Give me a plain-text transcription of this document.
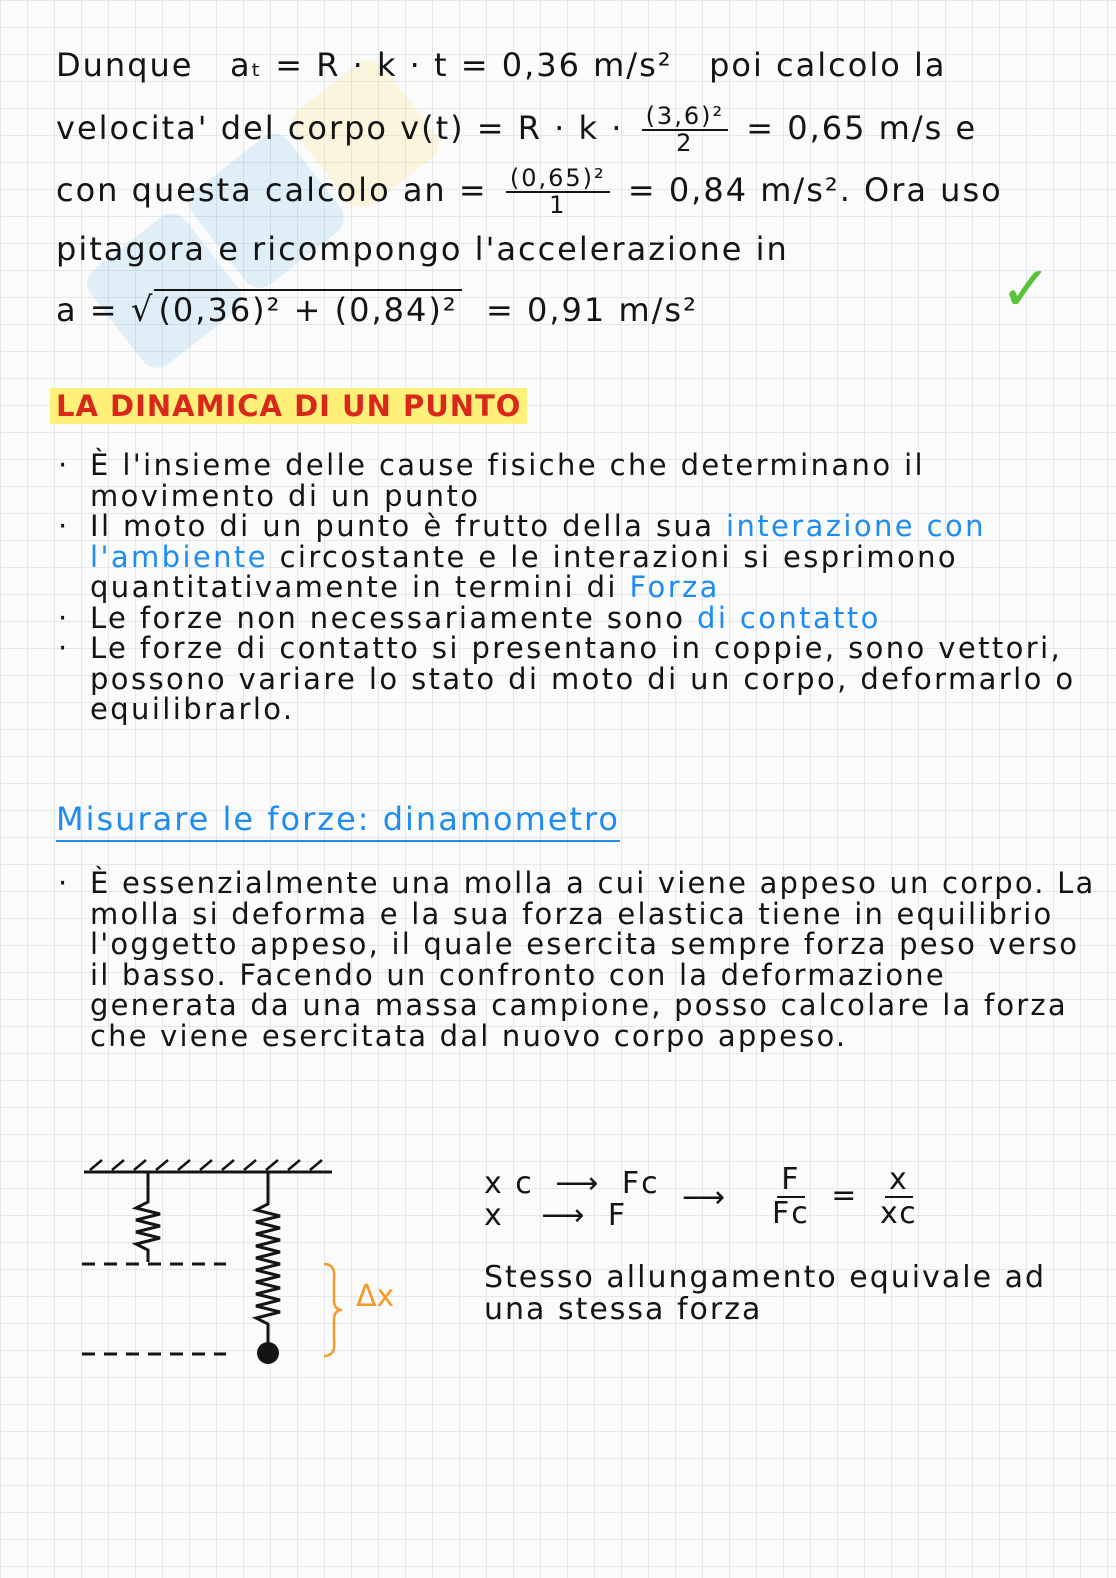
Dunque aₜ = R · k · t = 0,36 m/s² poi calcolo la
velocita' del corpo $v(t) = R \cdot k \cdot \frac{\text{(3,6)²}}{2} = 0,65$ m/s e
con questa calcolo an = $\frac{\text{(0,65)²}}{1} = 0,84$ m/s². Ora uso
pitagora e ricompongo l'accelerazione in
a = √ (0,36)² + (0,84)² = 0,91 m/s²	✓
LA DINAMICA DI UN PUNTO
· È l'insieme delle cause fisiche che determinano il movimento di un punto
· Il moto di un punto è frutto della sua interazione con l'ambiente circostante e le interazioni si esprimono quantitativamente in termini di Forza
· Le forze non necessariamente sono di contatto
· Le forze di contatto si presentano in coppie, sono vettori, possono variare lo stato di moto di un corpo, deformarlo o equilibrarlo.
Misurare le forze: dinamometro
· È essenzialmente una molla a cui viene appeso un corpo. La molla si deforma e la sua forza elastica tiene in equilibrio l'oggetto appeso, il quale esercita sempre forza peso verso il basso. Facendo un confronto con la deformazione generata da una massa campione, posso calcolare la forza che viene esercitata dal nuovo corpo appeso.
Δx
x c ⟶ Fc
x ⟶ F
⟶ $\frac{F}{Fc} = \frac{x}{xc}$
Stesso allungamento equivale ad una stessa forza
